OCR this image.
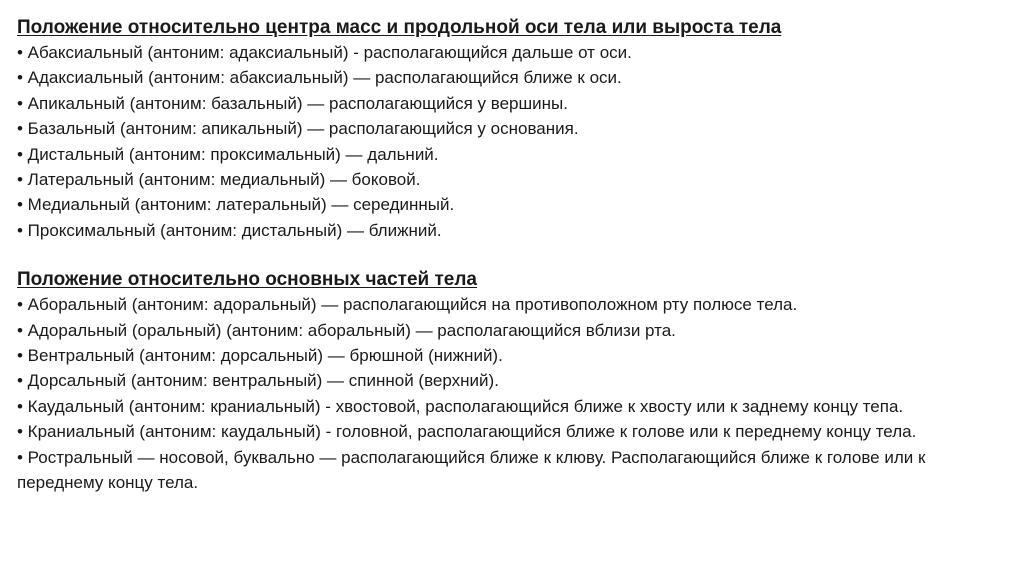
Положение относительно центра масс и продольной оси тела или выроста тела

• Абаксиальный (антоним: адаксиальный) - располагающийся дальше от оси.

• Адаксиальный (антоним: абаксиальный) — располагающийся ближе к оси.

• Апикальный (антоним: базальный) — располагающийся у вершины.

• Базальный (антоним: апикальный) — располагающийся у основания.

• Дистальный (антоним: проксимальный) — дальний.

• Латеральный (антоним: медиальный) — боковой.

• Медиальный (антоним: латеральный) — серединный.

• Проксимальный (антоним: дистальный) — ближний.

Положение относительно основных частей тела

• Аборальный (антоним: адоральный) — располагающийся на противоположном рту полюсе тела.

• Адоральный (оральный) (антоним: аборальный) — располагающийся вблизи рта.

• Вентральный (антоним: дорсальный) — брюшной (нижний).

• Дорсальный (антоним: вентральный) — спинной (верхний).

• Каудальный (антоним: краниальный) - хвостовой, располагающийся ближе к хвосту или к заднему концу тепа.

• Краниальный (антоним: каудальный) - головной, располагающийся ближе к голове или к переднему концу тела.

• Ростральный — носовой, буквально — располагающийся ближе к клюву. Располагающийся ближе к голове или к переднему концу тела.
